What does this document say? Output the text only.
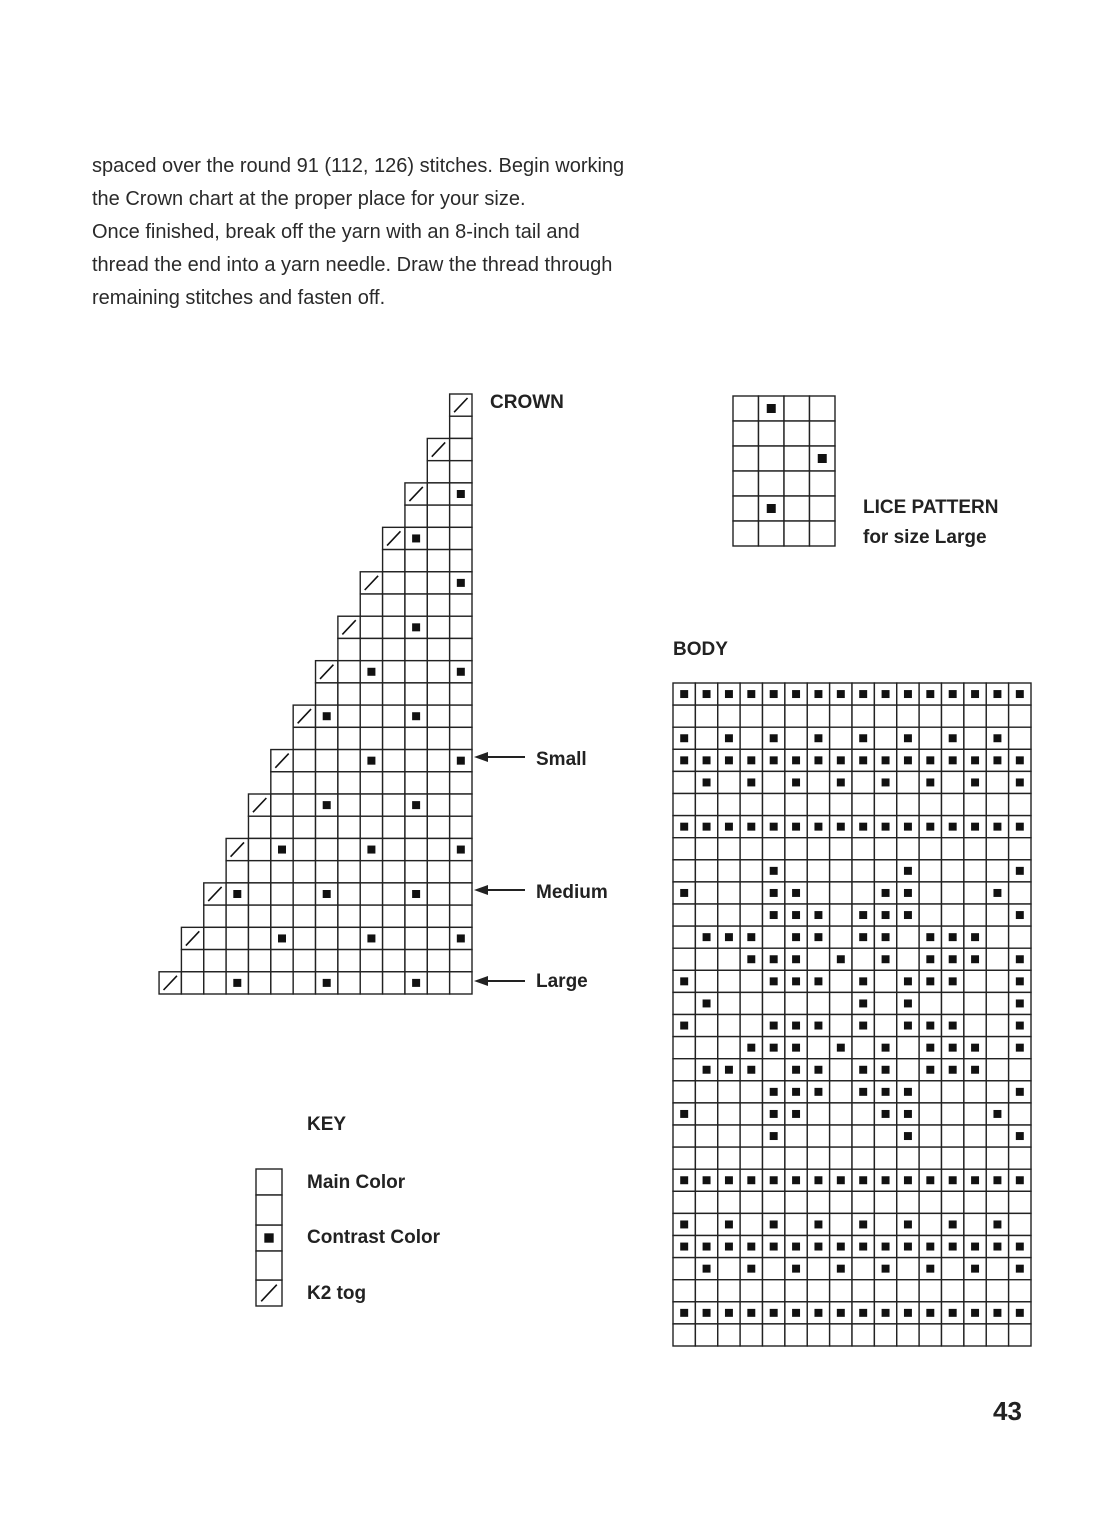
spaced over the round 91 (112, 126) stitches. Begin working

the Crown chart at the proper place for your size.

Once finished, break off the yarn with an 8-inch tail and

thread the end into a yarn needle. Draw the thread through

remaining stitches and fasten off.

CROWN
Small
Medium
Large
LICE PATTERN
for size Large
BODY
KEY
Main Color
Contrast Color
K2 tog
43
